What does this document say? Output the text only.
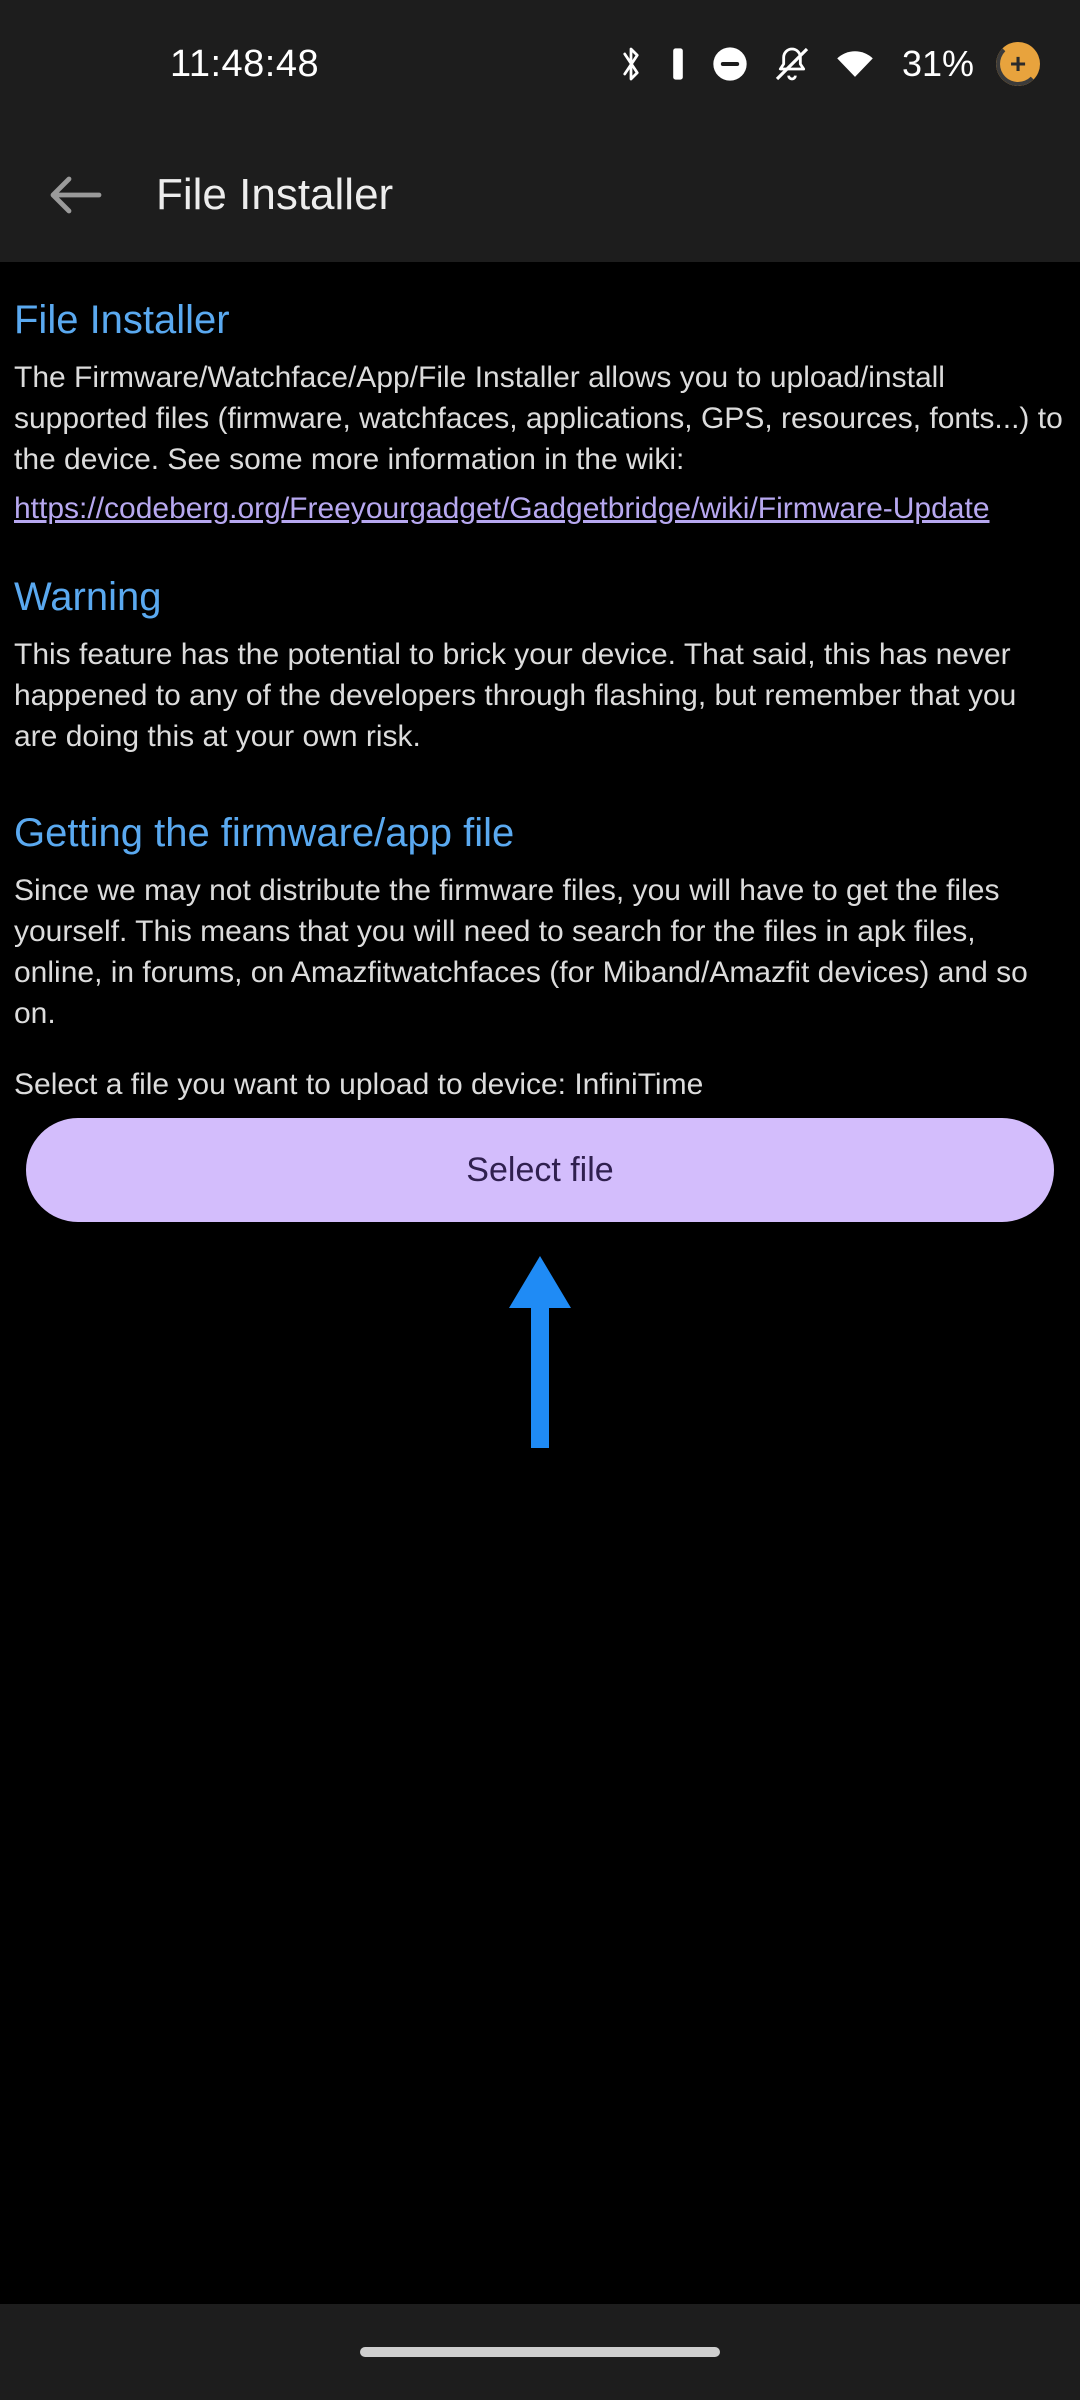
11:48:48	31% +
File Installer
File Installer

The Firmware/Watchface/App/File Installer allows you to upload/install supported files (firmware, watchfaces, applications, GPS, resources, fonts...) to the device. See some more information in the wiki:

https://codeberg.org/Freeyourgadget/Gadgetbridge/wiki/Firmware-Update
Warning

This feature has the potential to brick your device. That said, this has never happened to any of the developers through flashing, but remember that you are doing this at your own risk.

Getting the firmware/app file

Since we may not distribute the firmware files, you will have to get the files yourself. This means that you will need to search for the files in apk files, online, in forums, on Amazfitwatchfaces (for Miband/Amazfit devices) and so on.

Select a file you want to upload to device: InfiniTime
Select file
